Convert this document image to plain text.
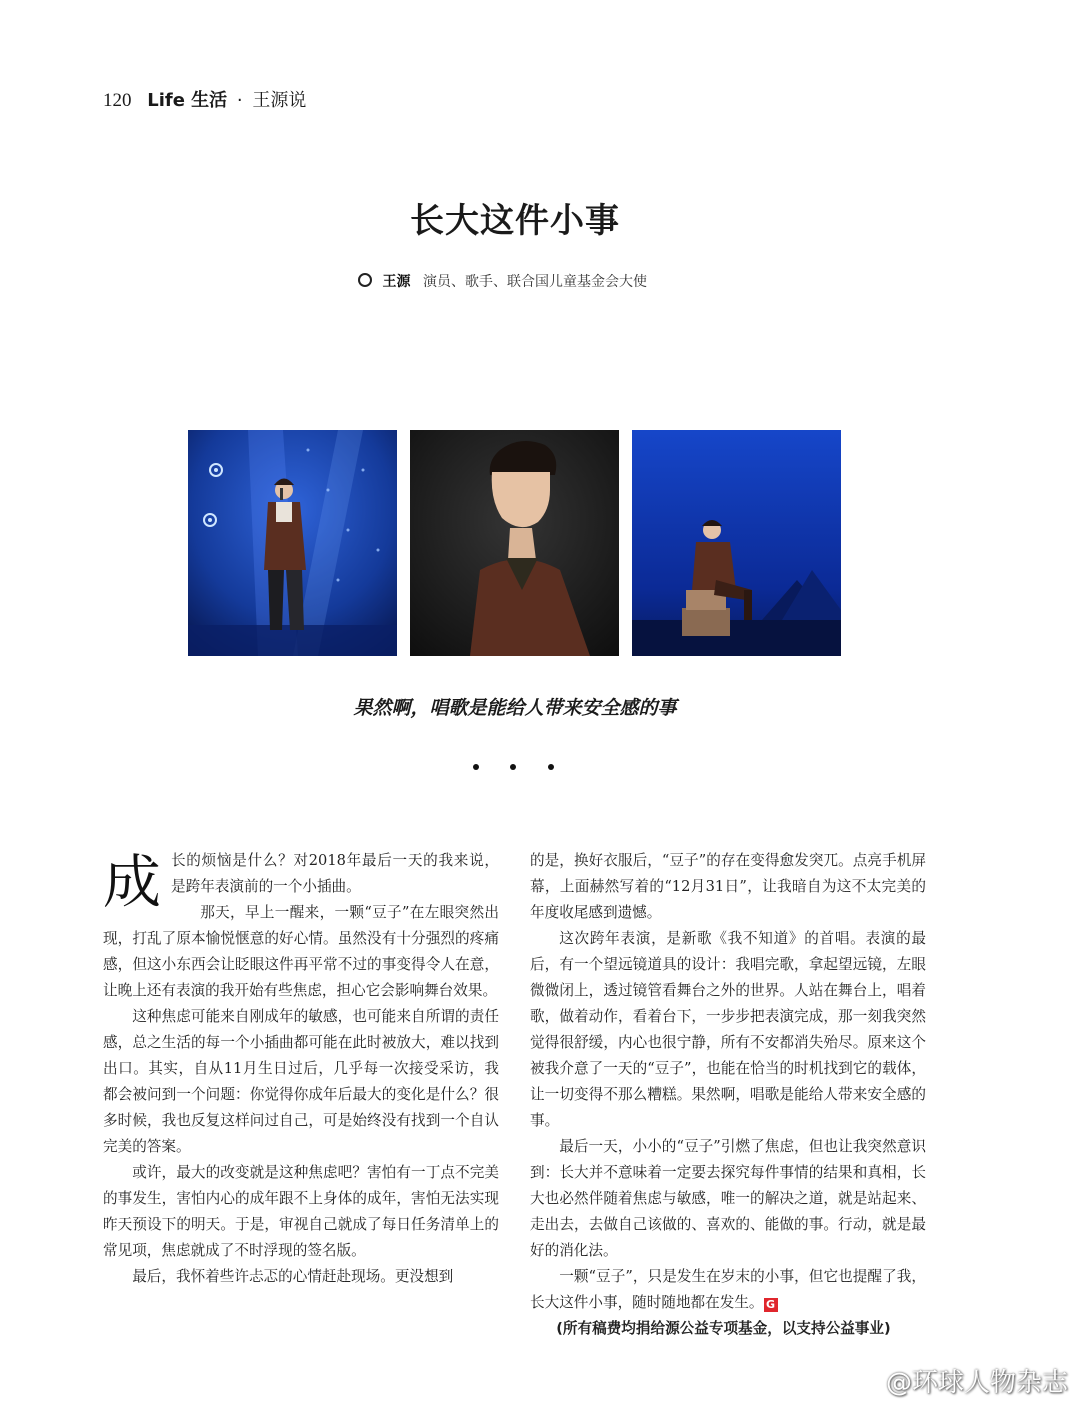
120 Life 生活 · 王源说
长大这件小事
王源 演员、歌手、联合国儿童基金会大使
果然啊，唱歌是能给人带来安全感的事
成 长的烦恼是什么？对2018年最后一天的我来说，是跨年表演前的一个小插曲。

那天，早上一醒来，一颗“豆子”在左眼突然出现，打乱了原本愉悦惬意的好心情。虽然没有十分强烈的疼痛感，但这小东西会让眨眼这件再平常不过的事变得令人在意，让晚上还有表演的我开始有些焦虑，担心它会影响舞台效果。

这种焦虑可能来自刚成年的敏感，也可能来自所谓的责任感，总之生活的每一个小插曲都可能在此时被放大，难以找到出口。其实，自从11月生日过后，几乎每一次接受采访，我都会被问到一个问题：你觉得你成年后最大的变化是什么？很多时候，我也反复这样问过自己，可是始终没有找到一个自认完美的答案。

或许，最大的改变就是这种焦虑吧？害怕有一丁点不完美的事发生，害怕内心的成年跟不上身体的成年，害怕无法实现昨天预设下的明天。于是，审视自己就成了每日任务清单上的常见项，焦虑就成了不时浮现的签名版。

最后，我怀着些许忐忑的心情赶赴现场。更没想到

的是，换好衣服后，“豆子”的存在变得愈发突兀。点亮手机屏幕，上面赫然写着的“12月31日”，让我暗自为这不太完美的年度收尾感到遗憾。

这次跨年表演，是新歌《我不知道》的首唱。表演的最后，有一个望远镜道具的设计：我唱完歌，拿起望远镜，左眼微微闭上，透过镜管看舞台之外的世界。人站在舞台上，唱着歌，做着动作，看着台下，一步步把表演完成，那一刻我突然觉得很舒缓，内心也很宁静，所有不安都消失殆尽。原来这个被我介意了一天的“豆子”，也能在恰当的时机找到它的载体，让一切变得不那么糟糕。果然啊，唱歌是能给人带来安全感的事。

最后一天，小小的“豆子”引燃了焦虑，但也让我突然意识到：长大并不意味着一定要去探究每件事情的结果和真相，长大也必然伴随着焦虑与敏感，唯一的解决之道，就是站起来、走出去，去做自己该做的、喜欢的、能做的事。行动，就是最好的消化法。

一颗“豆子”，只是发生在岁末的小事，但它也提醒了我，长大这件小事，随时随地都在发生。 G

(所有稿费均捐给源公益专项基金，以支持公益事业)

@环球人物杂志
